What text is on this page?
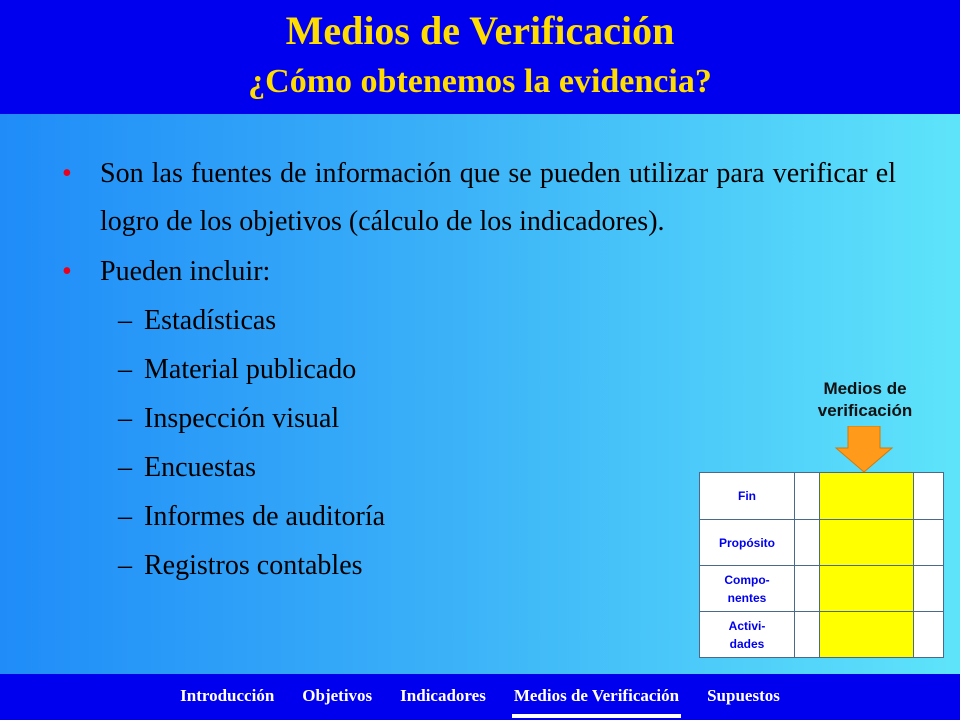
Medios de Verificación
¿Cómo obtenemos la evidencia?
• Son las fuentes de información que se pueden utilizar para verificar el logro de los objetivos (cálculo de los indicadores).
• Pueden incluir:
– Estadísticas
– Material publicado
– Inspección visual
– Encuestas
– Informes de auditoría
– Registros contables
Medios de verificación
Fin
Propósito
Compo-
nentes
Activi-
dades
Introducción Objetivos Indicadores Medios de Verificación Supuestos
